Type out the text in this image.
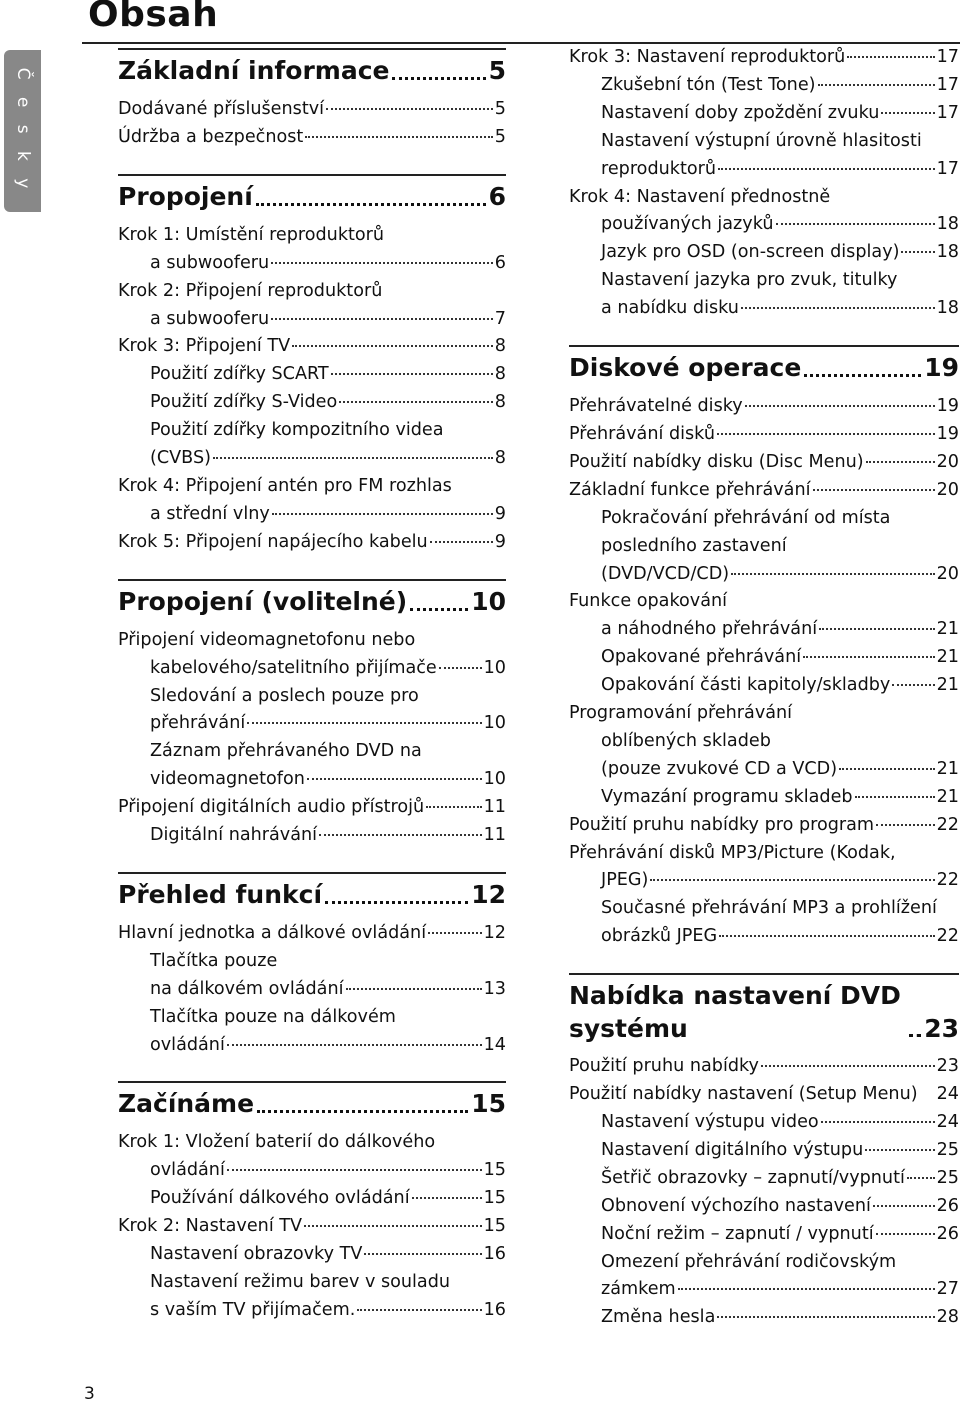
Č e s k y
Obsah
Základní informace	5
Dodávané příslušenství	5
Údržba a bezpečnost	5
Propojení	6
Krok 1: Umístění reproduktorů
a subwooferu	6
Krok 2: Připojení reproduktorů
a subwooferu	7
Krok 3: Připojení TV	8
Použití zdířky SCART	8
Použití zdířky S-Video	8
Použití zdířky kompozitního videa
(CVBS)	8
Krok 4: Připojení antén pro FM rozhlas
a střední vlny	9
Krok 5: Připojení napájecího kabelu	9
Propojení (volitelné)	10
Připojení videomagnetofonu nebo
kabelového/satelitního přijímače	10
Sledování a poslech pouze pro
přehrávání	10
Záznam přehrávaného DVD na
videomagnetofon	10
Připojení digitálních audio přístrojů	11
Digitální nahrávání	11
Přehled funkcí	12
Hlavní jednotka a dálkové ovládání	12
Tlačítka pouze
na dálkovém ovládání	13
Tlačítka pouze na dálkovém
ovládání	14
Začínáme	15
Krok 1: Vložení baterií do dálkového
ovládání	15
Používání dálkového ovládání	15
Krok 2: Nastavení TV	15
Nastavení obrazovky TV	16
Nastavení režimu barev v souladu
s vaším TV přijímačem.	16
Krok 3: Nastavení reproduktorů	17
Zkušební tón (Test Tone)	17
Nastavení doby zpoždění zvuku	17
Nastavení výstupní úrovně hlasitosti
reproduktorů	17
Krok 4: Nastavení přednostně
používaných jazyků	18
Jazyk pro OSD (on-screen display) 18
Nastavení jazyka pro zvuk, titulky
a nabídku disku	18
Diskové operace	19
Přehrávatelné disky	19
Přehrávání disků	19
Použití nabídky disku (Disc Menu)	20
Základní funkce přehrávání	20
Pokračování přehrávání od místa
posledního zastavení
(DVD/VCD/CD)	20
Funkce opakování
a náhodného přehrávání	21
Opakované přehrávání	21
Opakování části kapitoly/skladby	21
Programování přehrávání
oblíbených skladeb
(pouze zvukové CD a VCD)	21
Vymazání programu skladeb	21
Použití pruhu nabídky pro program	22
Přehrávání disků MP3/Picture (Kodak,
JPEG)	22
Současné přehrávání MP3 a prohlížení
obrázků JPEG	22
Nabídka nastavení DVD systému	23
Použití pruhu nabídky	23
Použití nabídky nastavení (Setup Menu) 24
Nastavení výstupu video	24
Nastavení digitálního výstupu	25
Šetřič obrazovky – zapnutí/vypnutí 25
Obnovení výchozího nastavení	26
Noční režim – zapnutí / vypnutí	26
Omezení přehrávání rodičovským
zámkem	27
Změna hesla	28
3
